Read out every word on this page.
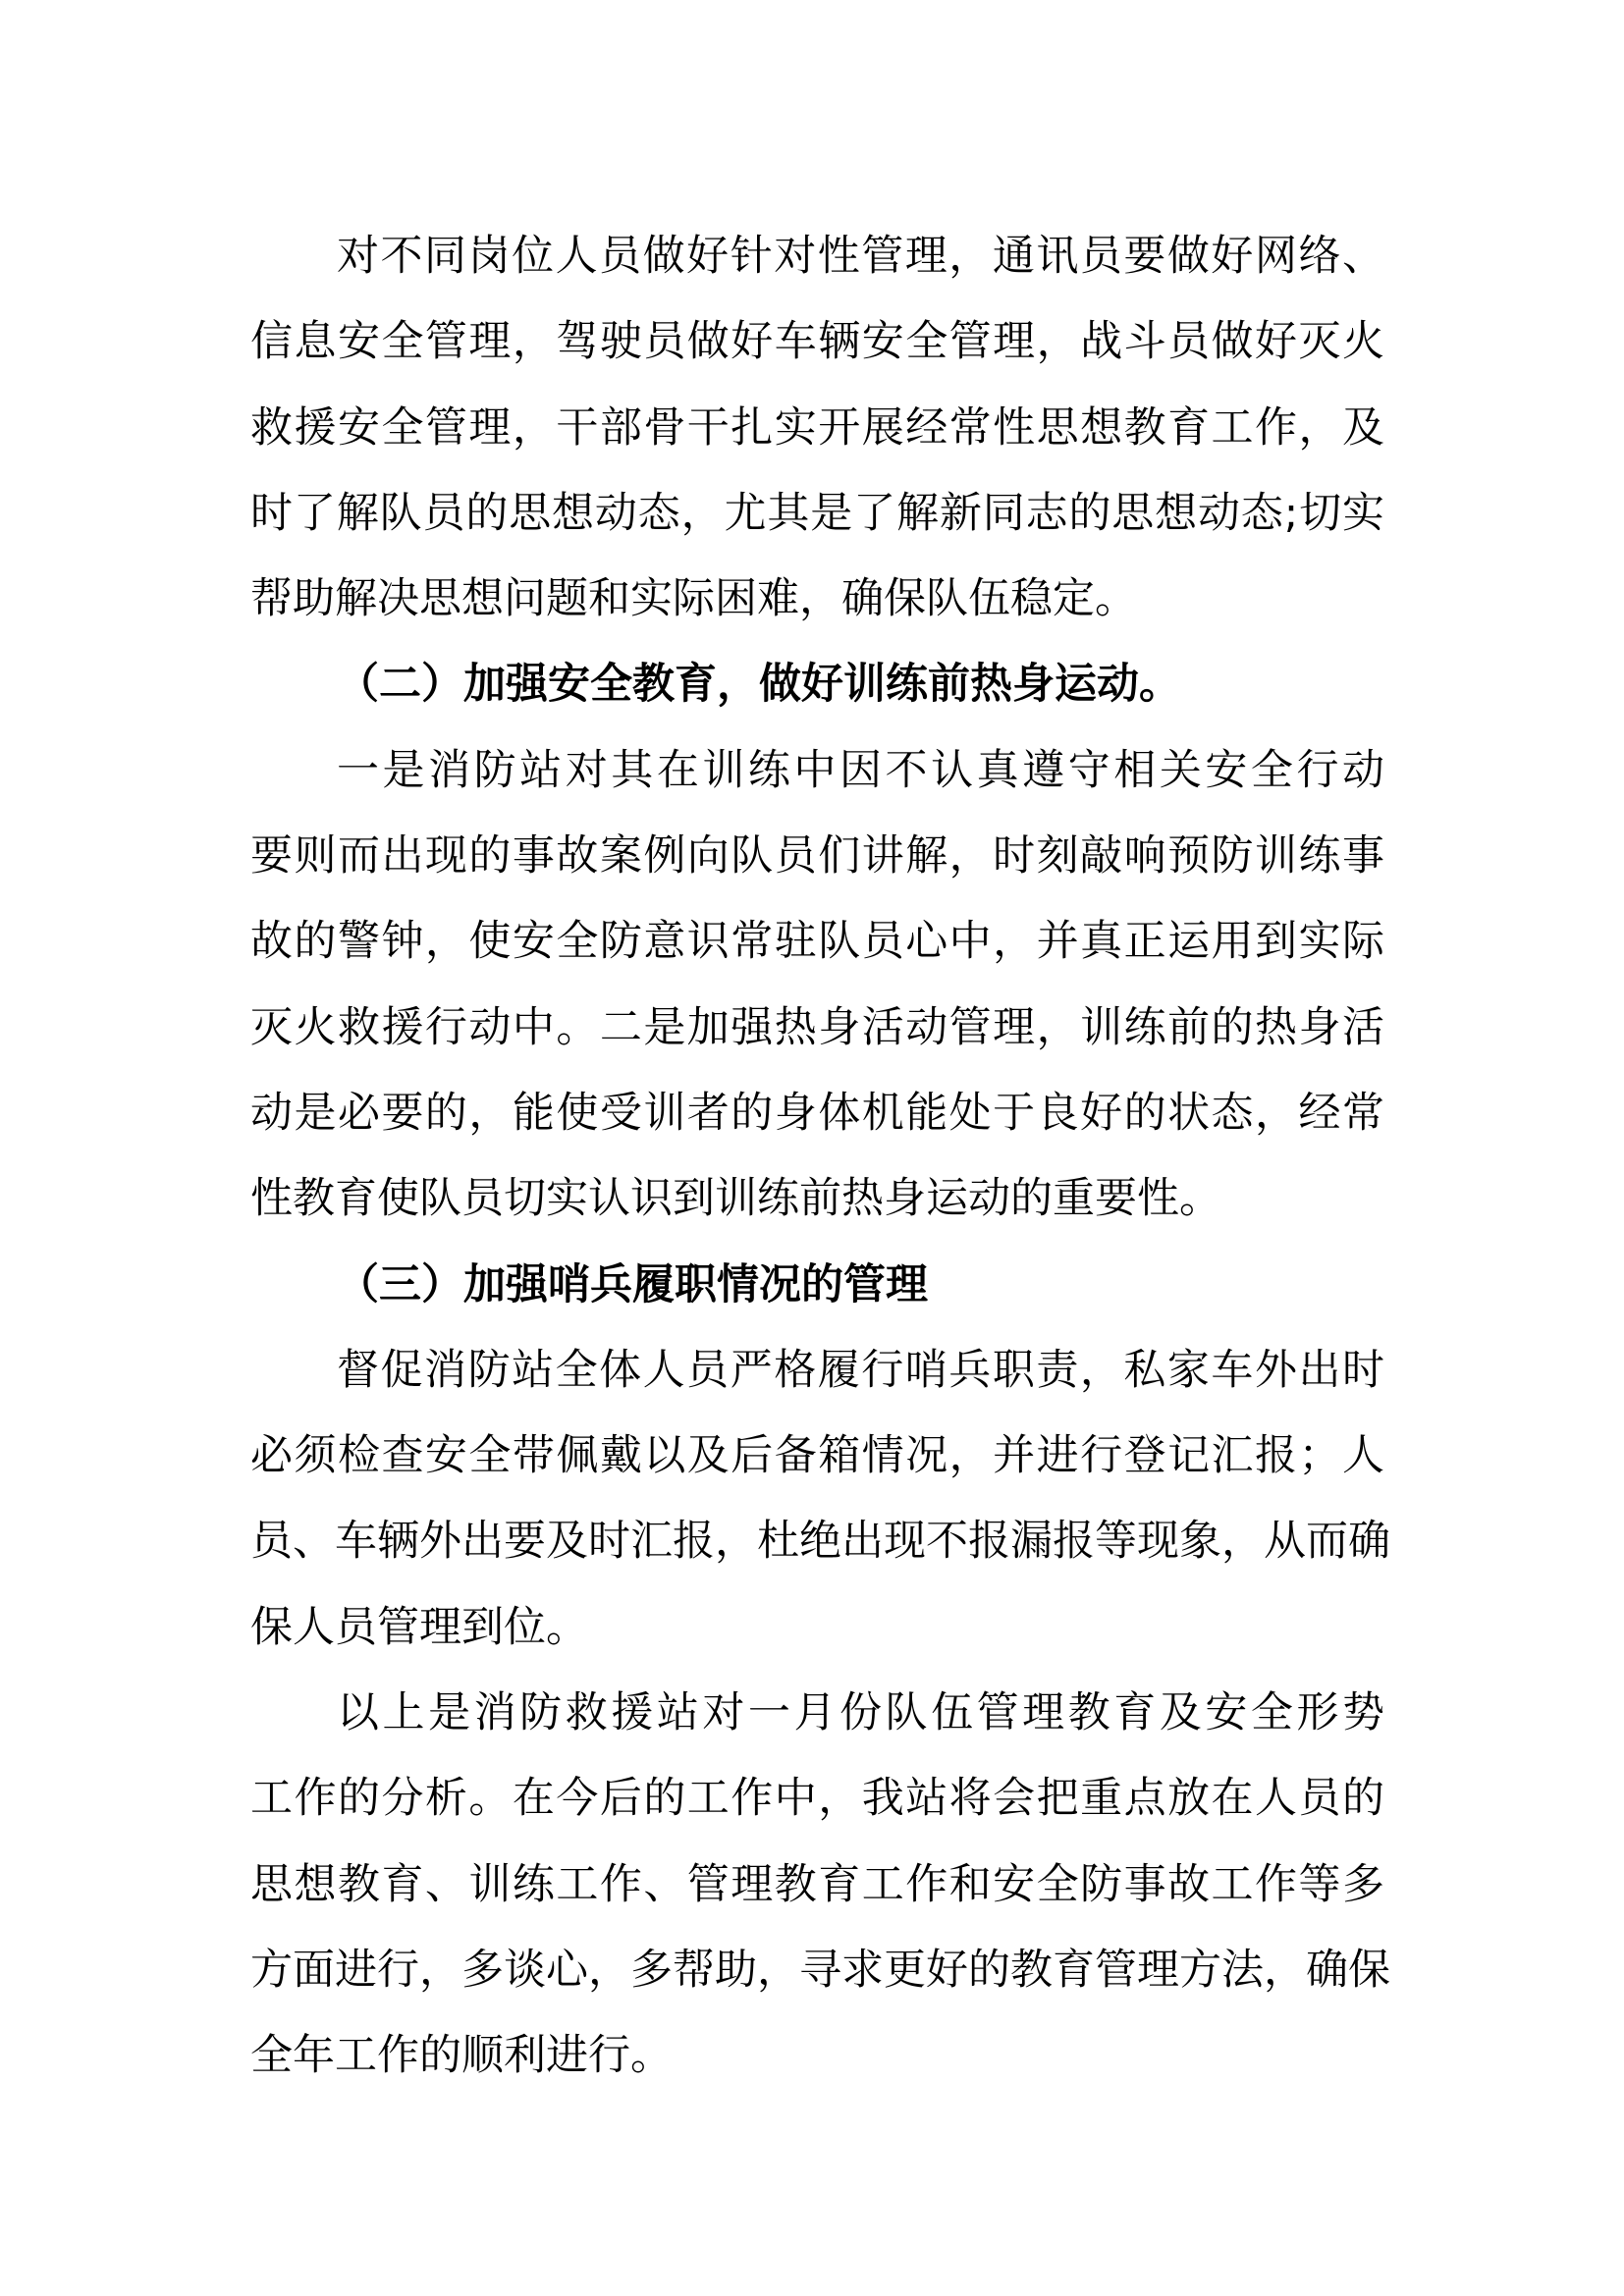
对不同岗位人员做好针对性管理，通讯员要做好网络、
信息安全管理，驾驶员做好车辆安全管理，战斗员做好灭火
救援安全管理，干部骨干扎实开展经常性思想教育工作，及
时了解队员的思想动态，尤其是了解新同志的思想动态;切实
帮助解决思想问题和实际困难，确保队伍稳定。
（二）加强安全教育，做好训练前热身运动。
一是消防站对其在训练中因不认真遵守相关安全行动
要则而出现的事故案例向队员们讲解，时刻敲响预防训练事
故的警钟，使安全防意识常驻队员心中，并真正运用到实际
灭火救援行动中。二是加强热身活动管理，训练前的热身活
动是必要的，能使受训者的身体机能处于良好的状态，经常
性教育使队员切实认识到训练前热身运动的重要性。
（三）加强哨兵履职情况的管理
督促消防站全体人员严格履行哨兵职责，私家车外出时
必须检查安全带佩戴以及后备箱情况，并进行登记汇报；人
员、车辆外出要及时汇报，杜绝出现不报漏报等现象，从而确
保人员管理到位。
以上是消防救援站对一月份队伍管理教育及安全形势
工作的分析。在今后的工作中，我站将会把重点放在人员的
思想教育、训练工作、管理教育工作和安全防事故工作等多
方面进行，多谈心，多帮助，寻求更好的教育管理方法，确保
全年工作的顺利进行。
